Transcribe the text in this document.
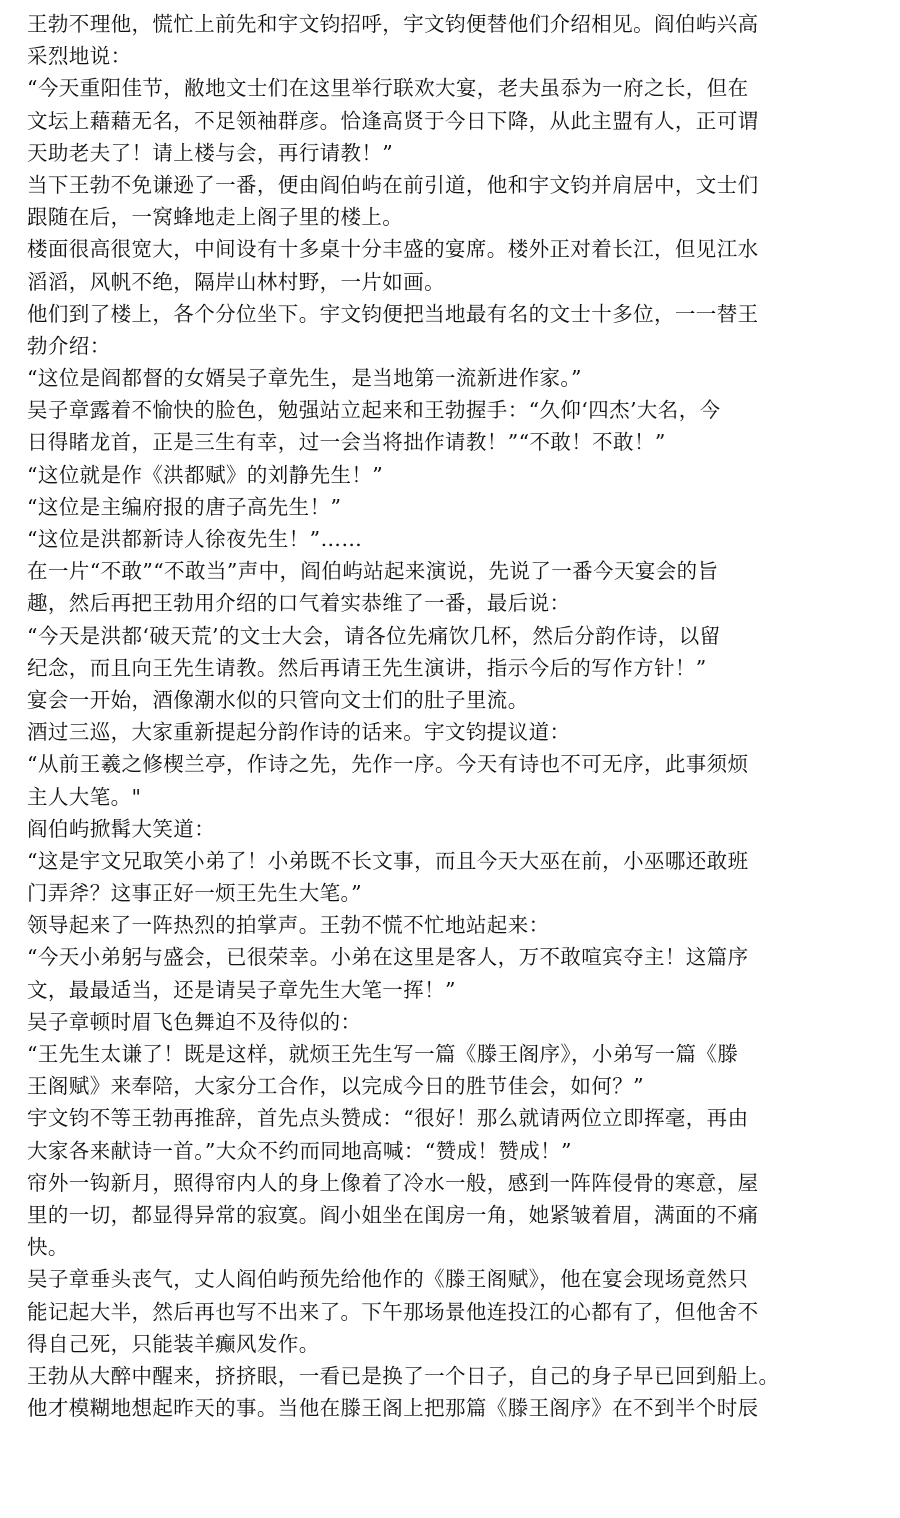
王勃不理他，慌忙上前先和宇文钧招呼，宇文钧便替他们介绍相见。阎伯屿兴高
采烈地说：
“今天重阳佳节，敝地文士们在这里举行联欢大宴，老夫虽忝为一府之长，但在
文坛上藉藉无名，不足领袖群彦。恰逢高贤于今日下降，从此主盟有人，正可谓
天助老夫了！请上楼与会，再行请教！”
当下王勃不免谦逊了一番，便由阎伯屿在前引道，他和宇文钧并肩居中，文士们
跟随在后，一窝蜂地走上阁子里的楼上。
楼面很高很宽大，中间设有十多桌十分丰盛的宴席。楼外正对着长江，但见江水
滔滔，风帆不绝，隔岸山林村野，一片如画。
他们到了楼上，各个分位坐下。宇文钧便把当地最有名的文士十多位，一一替王
勃介绍：
“这位是阎都督的女婿吴子章先生，是当地第一流新进作家。”
吴子章露着不愉快的脸色，勉强站立起来和王勃握手：“久仰‘四杰’大名，今
日得睹龙首，正是三生有幸，过一会当将拙作请教！”“不敢！不敢！”
“这位就是作《洪都赋》的刘静先生！”
“这位是主编府报的唐子高先生！”
“这位是洪都新诗人徐夜先生！”……
在一片“不敢”“不敢当”声中，阎伯屿站起来演说，先说了一番今天宴会的旨
趣，然后再把王勃用介绍的口气着实恭维了一番，最后说：
“今天是洪都‘破天荒’的文士大会，请各位先痛饮几杯，然后分韵作诗，以留
纪念，而且向王先生请教。然后再请王先生演讲，指示今后的写作方针！”
宴会一开始，酒像潮水似的只管向文士们的肚子里流。
酒过三巡，大家重新提起分韵作诗的话来。宇文钧提议道：
“从前王羲之修楔兰亭，作诗之先，先作一序。今天有诗也不可无序，此事须烦
主人大笔。"
阎伯屿掀髯大笑道：
“这是宇文兄取笑小弟了！小弟既不长文事，而且今天大巫在前，小巫哪还敢班
门弄斧？这事正好一烦王先生大笔。”
领导起来了一阵热烈的拍掌声。王勃不慌不忙地站起来：
“今天小弟躬与盛会，已很荣幸。小弟在这里是客人，万不敢喧宾夺主！这篇序
文，最最适当，还是请吴子章先生大笔一挥！”
吴子章顿时眉飞色舞迫不及待似的：
“王先生太谦了！既是这样，就烦王先生写一篇《滕王阁序》，小弟写一篇《滕
王阁赋》来奉陪，大家分工合作，以完成今日的胜节佳会，如何？”
宇文钧不等王勃再推辞，首先点头赞成：“很好！那么就请两位立即挥毫，再由
大家各来献诗一首。”大众不约而同地高喊：“赞成！赞成！”
帘外一钩新月，照得帘内人的身上像着了冷水一般，感到一阵阵侵骨的寒意，屋
里的一切，都显得异常的寂寞。阎小姐坐在闺房一角，她紧皱着眉，满面的不痛
快。
吴子章垂头丧气，丈人阎伯屿预先给他作的《滕王阁赋》，他在宴会现场竟然只
能记起大半，然后再也写不出来了。下午那场景他连投江的心都有了，但他舍不
得自己死，只能装羊癫风发作。
王勃从大醉中醒来，挤挤眼，一看已是换了一个日子，自己的身子早已回到船上。
他才模糊地想起昨天的事。当他在滕王阁上把那篇《滕王阁序》在不到半个时辰
